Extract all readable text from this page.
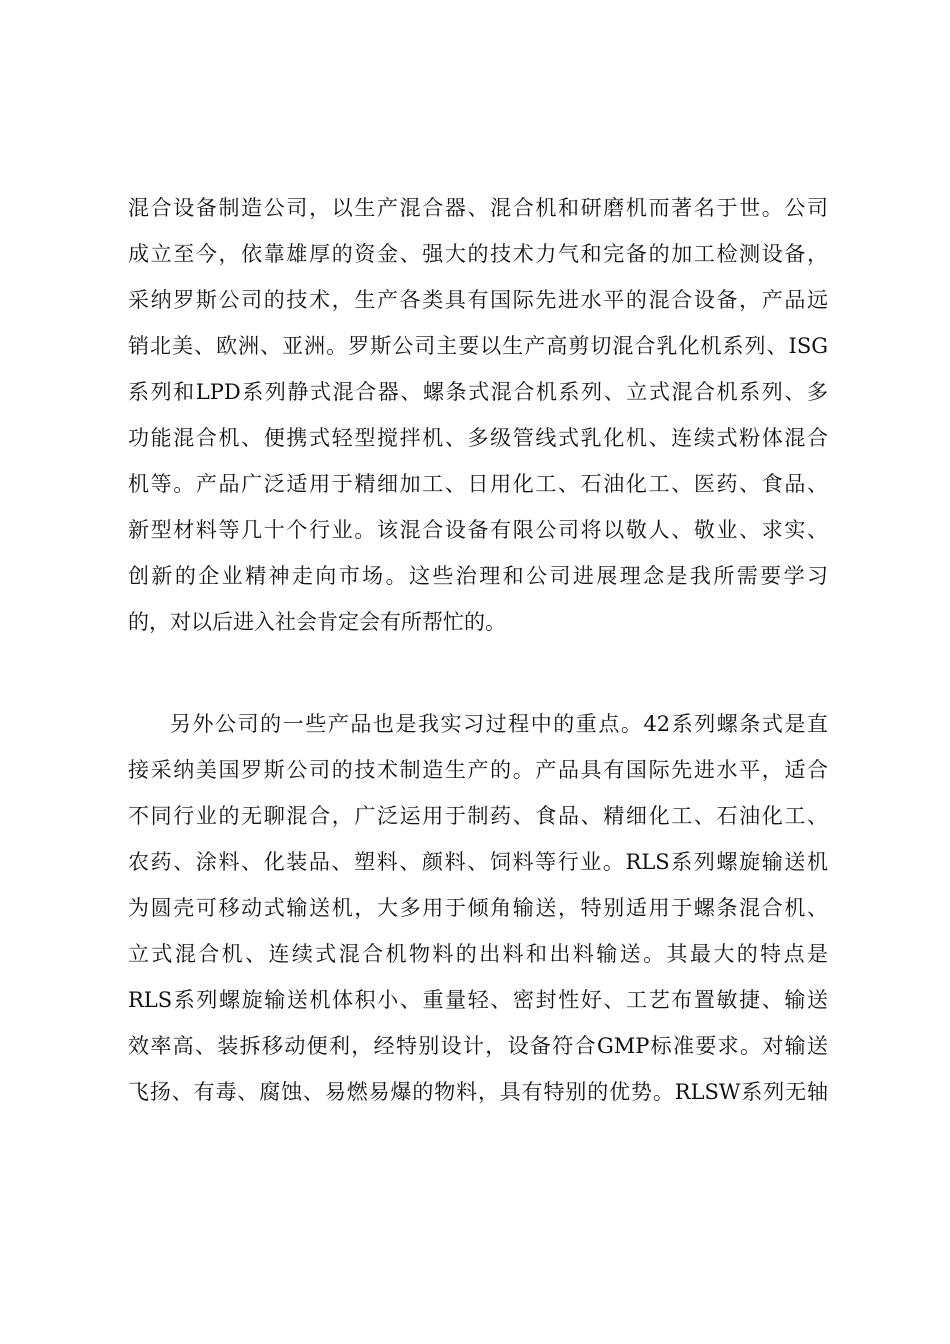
混合设备制造公司，以生产混合器、混合机和研磨机而著名于世。公司
成立至今，依靠雄厚的资金、强大的技术力气和完备的加工检测设备，
采纳罗斯公司的技术，生产各类具有国际先进水平的混合设备，产品远
销北美、欧洲、亚洲。罗斯公司主要以生产高剪切混合乳化机系列、ISG
系列和LPD系列静式混合器、螺条式混合机系列、立式混合机系列、多
功能混合机、便携式轻型搅拌机、多级管线式乳化机、连续式粉体混合
机等。产品广泛适用于精细加工、日用化工、石油化工、医药、食品、
新型材料等几十个行业。该混合设备有限公司将以敬人、敬业、求实、
创新的企业精神走向市场。这些治理和公司进展理念是我所需要学习
的，对以后进入社会肯定会有所帮忙的。
另外公司的一些产品也是我实习过程中的重点。42系列螺条式是直
接采纳美国罗斯公司的技术制造生产的。产品具有国际先进水平，适合
不同行业的无聊混合，广泛运用于制药、食品、精细化工、石油化工、
农药、涂料、化装品、塑料、颜料、饲料等行业。RLS系列螺旋输送机
为圆壳可移动式输送机，大多用于倾角输送，特别适用于螺条混合机、
立式混合机、连续式混合机物料的出料和出料输送。其最大的特点是
RLS系列螺旋输送机体积小、重量轻、密封性好、工艺布置敏捷、输送
效率高、装拆移动便利，经特别设计，设备符合GMP标准要求。对输送
飞扬、有毒、腐蚀、易燃易爆的物料，具有特别的优势。RLSW系列无轴
